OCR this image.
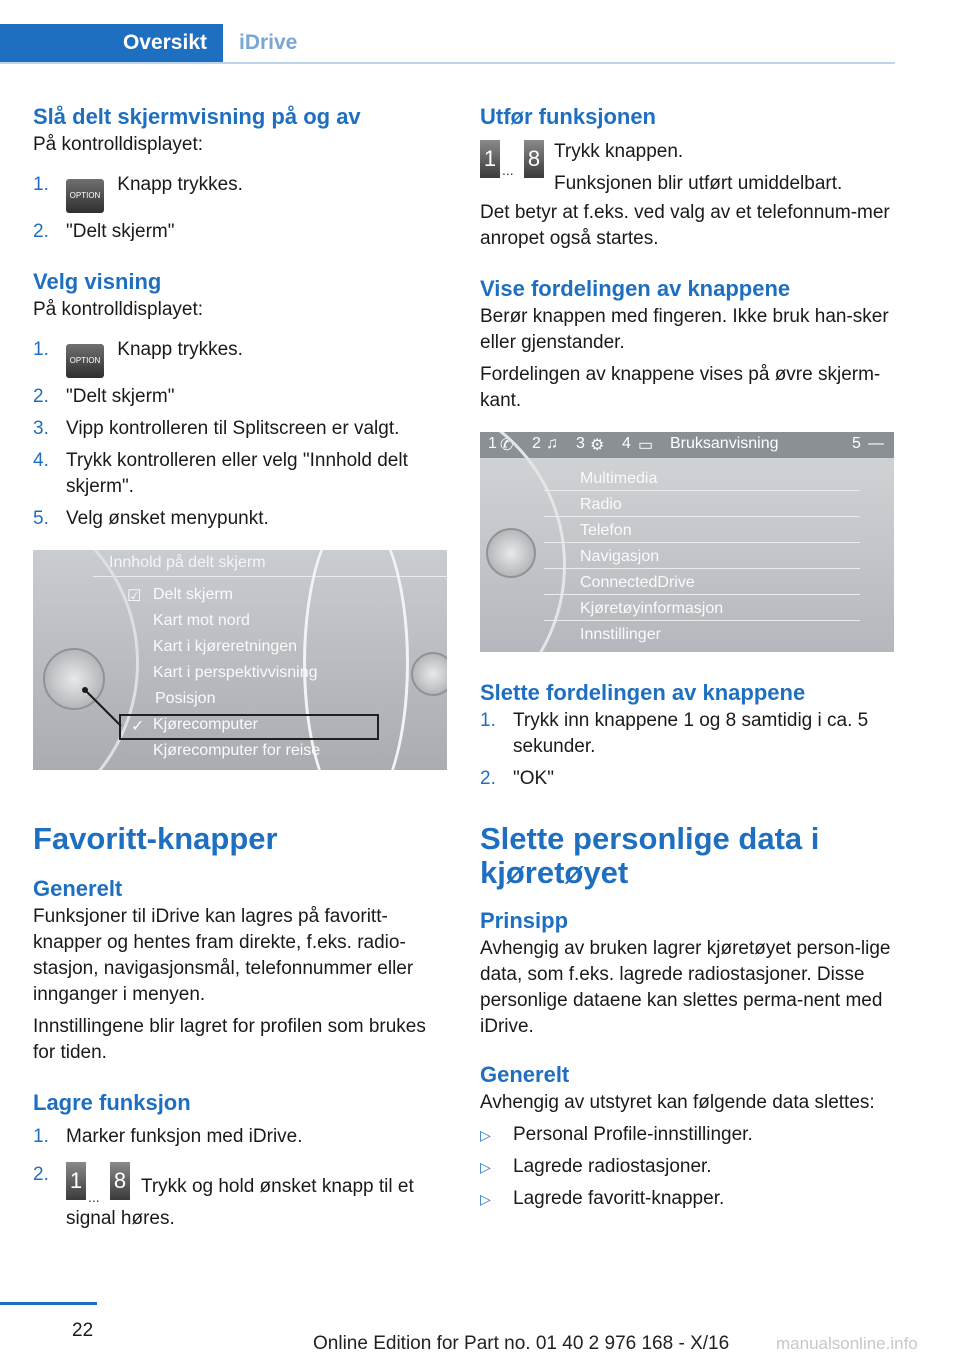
Oversikt	iDrive
Slå delt skjermvisning på og av

På kontrolldisplayet:

1.
OPTION Knapp trykkes.
2. "Delt skjerm"
Velg visning

På kontrolldisplayet:

1.
OPTION Knapp trykkes.
2. "Delt skjerm"
3. Vipp kontrolleren til Splitscreen er valgt.
4. Trykk kontrolleren eller velg "Innhold delt skjerm".
5. Velg ønsket menypunkt.
Innhold på delt skjerm
☑ Delt skjerm
Kart mot nord
Kart i kjøreretningen
Kart i perspektivvisning
Posisjon
✓ Kjørecomputer
Kjørecomputer for reise
Favoritt-knapper
Generelt

Funksjoner til iDrive kan lagres på favoritt-knapper og hentes fram direkte, f.eks. radio-stasjon, navigasjonsmål, telefonnummer eller innganger i menyen.

Innstillingene blir lagret for profilen som brukes for tiden.

Lagre funksjon
1. Marker funksjon med iDrive.
2. 1
...
8 Trykk og hold ønsket knapp til et signal høres.
Utfør funksjonen
1 ... 8 Trykk knappen.

Funksjonen blir utført umiddelbart.

Det betyr at f.eks. ved valg av et telefonnum-mer anropet også startes.

Vise fordelingen av knappene

Berør knappen med fingeren. Ikke bruk han-sker eller gjenstander.

Fordelingen av knappene vises på øvre skjerm-kant.

1 ✆ 2 ♫ 3 ⚙ 4 ▭ Bruksanvisning	5 —
Multimedia
Radio
Telefon
Navigasjon
ConnectedDrive
Kjøretøyinformasjon
Innstillinger
Slette fordelingen av knappene
1. Trykk inn knappene 1 og 8 samtidig i ca. 5 sekunder.
2. "OK"
Slette personlige data i kjøretøyet
Prinsipp

Avhengig av bruken lagrer kjøretøyet person-lige data, som f.eks. lagrede radiostasjoner. Disse personlige dataene kan slettes perma-nent med iDrive.

Generelt

Avhengig av utstyret kan følgende data slettes:

▷ Personal Profile-innstillinger.
▷ Lagrede radiostasjoner.
▷ Lagrede favoritt-knapper.
22
Online Edition for Part no. 01 40 2 976 168 - X/16	manualsonline.info
